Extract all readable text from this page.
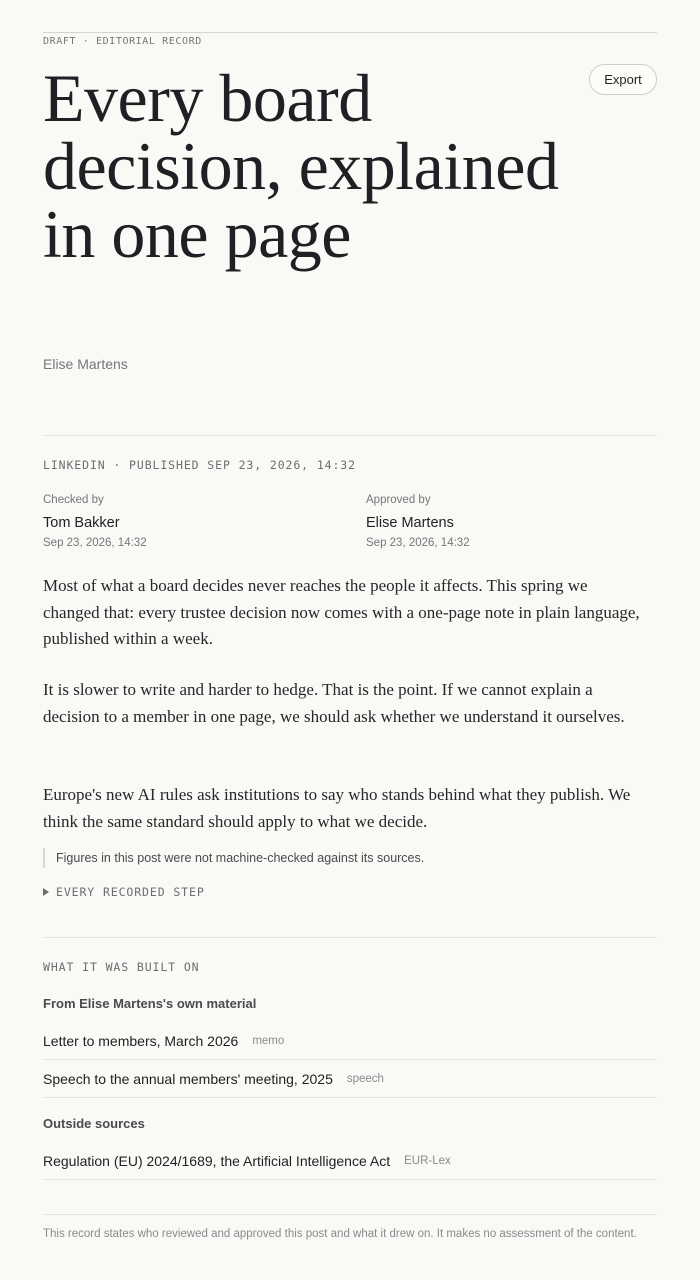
DRAFT · EDITORIAL RECORD
Export
Every board decision, explained in one page
Elise Martens
LINKEDIN · PUBLISHED SEP 23, 2026, 14:32
Checked by
Tom Bakker
Sep 23, 2026, 14:32
Approved by
Elise Martens
Sep 23, 2026, 14:32

Most of what a board decides never reaches the people it affects. This spring we changed that: every trustee decision now comes with a one-page note in plain language, published within a week.

It is slower to write and harder to hedge. That is the point. If we cannot explain a decision to a member in one page, we should ask whether we understand it ourselves.

Europe's new AI rules ask institutions to say who stands behind what they publish. We think the same standard should apply to what we decide.

Figures in this post were not machine-checked against its sources.
EVERY RECORDED STEP
WHAT IT WAS BUILT ON
From Elise Martens's own material
Letter to members, March 2026 memo
Speech to the annual members' meeting, 2025 speech
Outside sources
Regulation (EU) 2024/1689, the Artificial Intelligence Act EUR-Lex
This record states who reviewed and approved this post and what it drew on. It makes no assessment of the content.
